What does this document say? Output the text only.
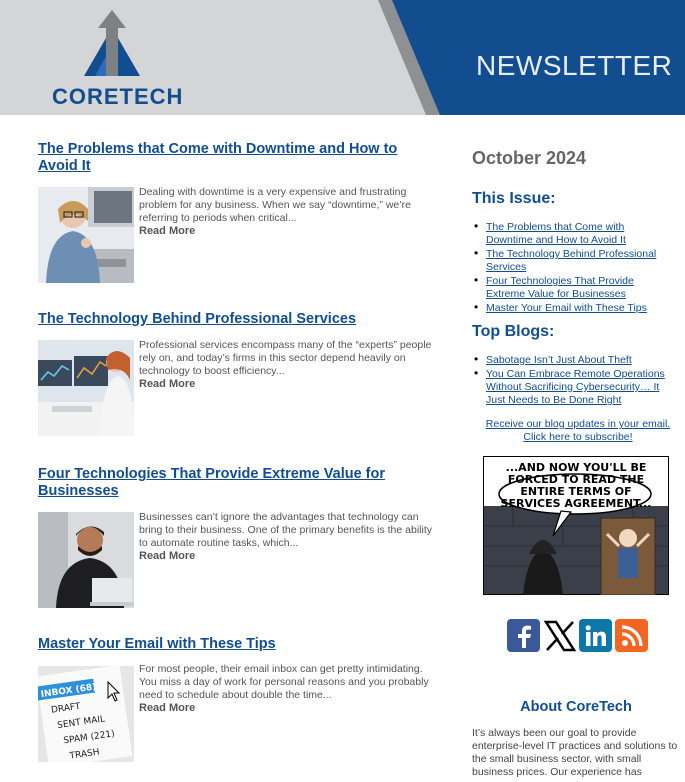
CORETECH
NEWSLETTER
The Problems that Come with Downtime and How to Avoid It
Dealing with downtime is a very expensive and frustrating problem for any business. When we say “downtime,” we’re referring to periods when critical...
Read More
The Technology Behind Professional Services
Professional services encompass many of the “experts” people rely on, and today’s firms in this sector depend heavily on technology to boost efficiency...
Read More
Four Technologies That Provide Extreme Value for Businesses
Businesses can’t ignore the advantages that technology can bring to their business. One of the primary benefits is the ability to automate routine tasks, which...
Read More
Master Your Email with These Tips
INBOX (68)
DRAFT
SENT MAIL
SPAM (221)
TRASH
For most people, their email inbox can get pretty intimidating. You miss a day of work for personal reasons and you probably need to schedule about double the time...
Read More
October 2024
This Issue:
• The Problems that Come with Downtime and How to Avoid It
• The Technology Behind Professional Services
• Four Technologies That Provide Extreme Value for Businesses
• Master Your Email with These Tips
Top Blogs:
• Sabotage Isn’t Just About Theft
• You Can Embrace Remote Operations Without Sacrificing Cybersecurity… It Just Needs to Be Done Right
Receive our blog updates in your email.
Click here to subscribe!
...AND NOW YOU'LL BE FORCED TO READ THE ENTIRE TERMS OF SERVICES AGREEMENT...
About CoreTech
It’s always been our goal to provide enterprise-level IT practices and solutions to the small business sector, with small business prices. Our experience has
